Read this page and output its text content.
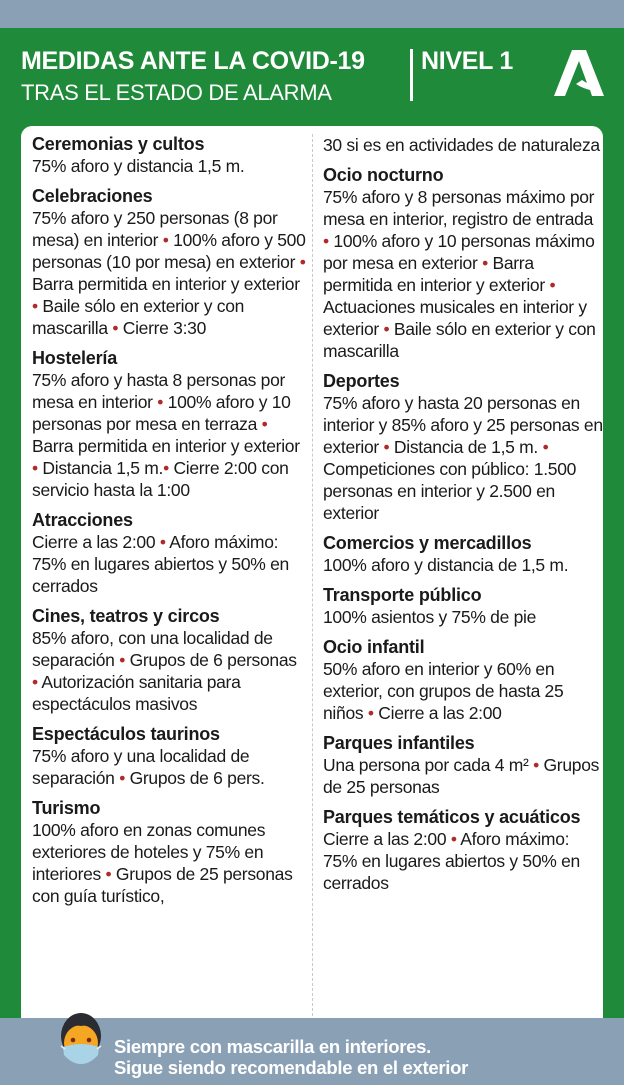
MEDIDAS ANTE LA COVID-19 NIVEL 1
TRAS EL ESTADO DE ALARMA
Ceremonias y cultos

75% aforo y distancia 1,5 m.

Celebraciones

75% aforo y 250 personas (8 por mesa) en interior • 100% aforo y 500 personas (10 por mesa) en exterior • Barra permitida en interior y exterior • Baile sólo en exterior y con mascarilla • Cierre 3:30

Hostelería

75% aforo y hasta 8 personas por mesa en interior • 100% aforo y 10 personas por mesa en terraza • Barra permitida en interior y exterior • Distancia 1,5 m.• Cierre 2:00 con servicio hasta la 1:00

Atracciones

Cierre a las 2:00 • Aforo máximo: 75% en lugares abiertos y 50% en cerrados

Cines, teatros y circos

85% aforo, con una localidad de separación • Grupos de 6 personas • Autorización sanitaria para espectáculos masivos

Espectáculos taurinos

75% aforo y una localidad de separación • Grupos de 6 pers.

Turismo

100% aforo en zonas comunes exteriores de hoteles y 75% en interiores • Grupos de 25 personas con guía turístico,

30 si es en actividades de naturaleza

Ocio nocturno

75% aforo y 8 personas máximo por mesa en interior, registro de entrada • 100% aforo y 10 personas máximo por mesa en exterior • Barra permitida en interior y exterior • Actuaciones musicales en interior y exterior • Baile sólo en exterior y con mascarilla

Deportes

75% aforo y hasta 20 personas en interior y 85% aforo y 25 personas en exterior • Distancia de 1,5 m. • Competiciones con público: 1.500 personas en interior y 2.500 en exterior

Comercios y mercadillos

100% aforo y distancia de 1,5 m.

Transporte público

100% asientos y 75% de pie

Ocio infantil

50% aforo en interior y 60% en exterior, con grupos de hasta 25 niños • Cierre a las 2:00

Parques infantiles

Una persona por cada 4 m² • Grupos de 25 personas

Parques temáticos y acuáticos

Cierre a las 2:00 • Aforo máximo: 75% en lugares abiertos y 50% en cerrados

Siempre con mascarilla en interiores.
Sigue siendo recomendable en el exterior
